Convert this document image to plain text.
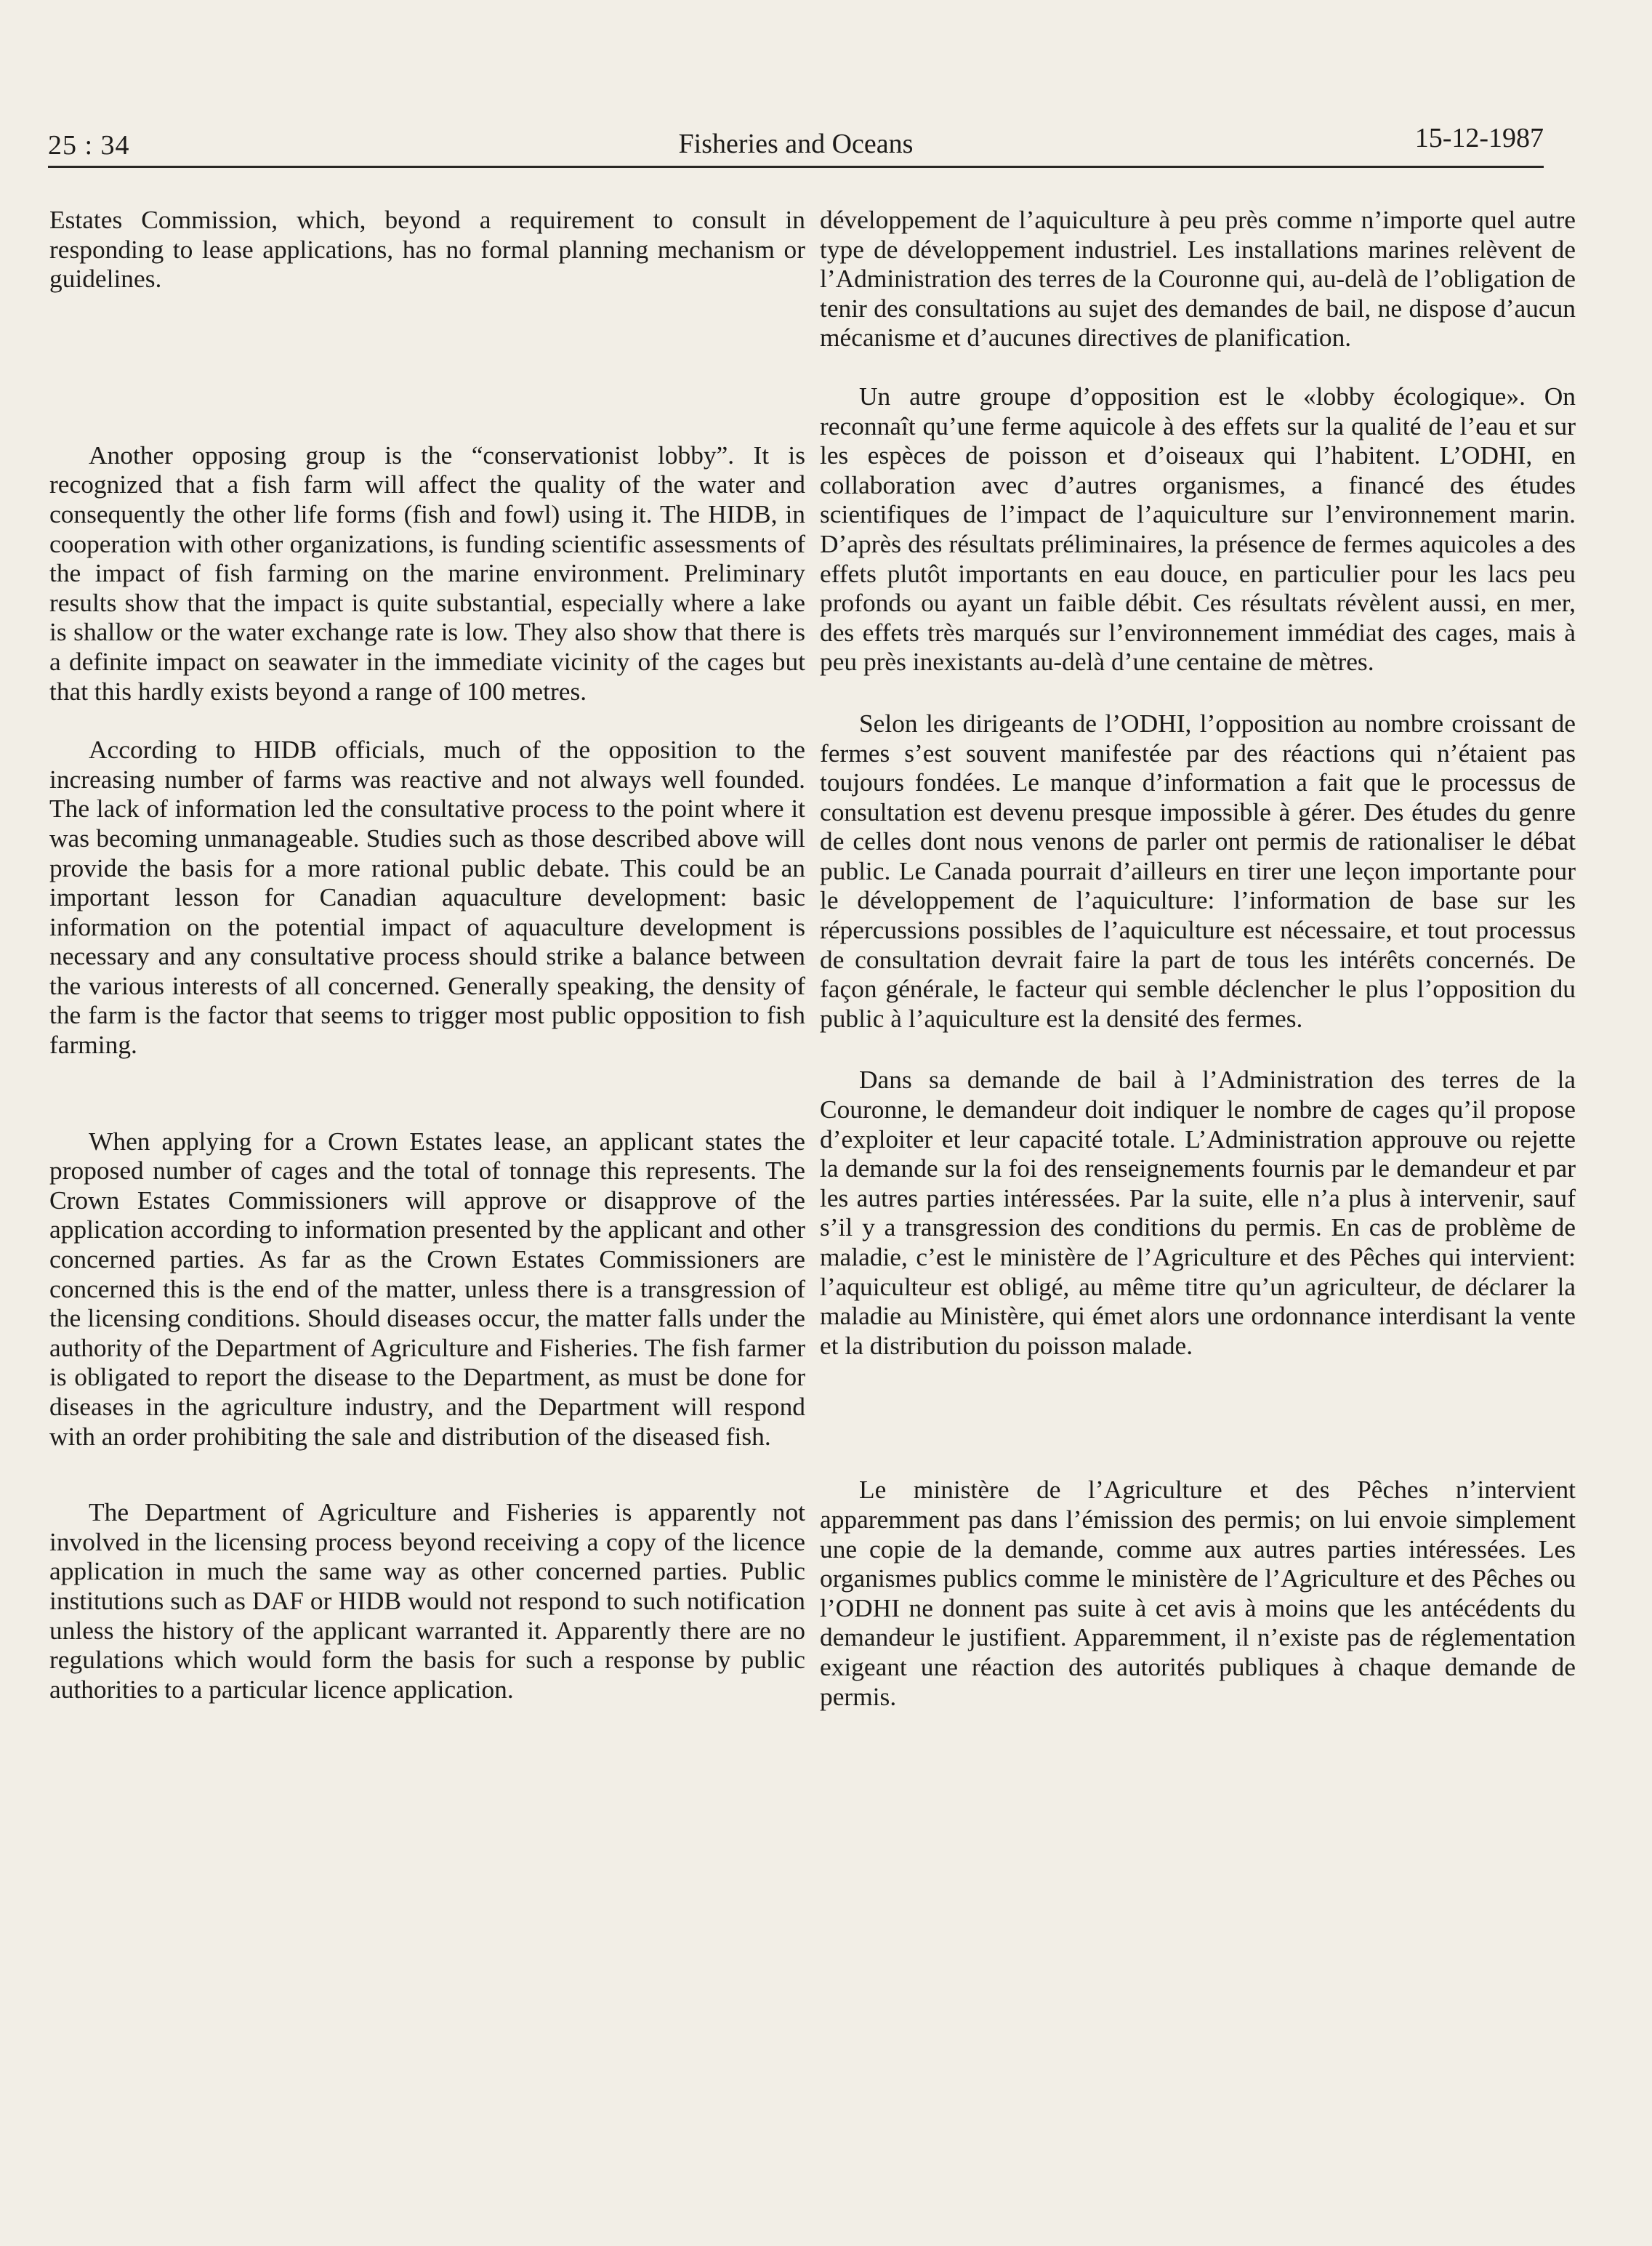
25 : 34	Fisheries and Oceans	15-12-1987

Estates Commission, which, beyond a requirement to consult in responding to lease applications, has no formal planning mechanism or guidelines.

Another opposing group is the “conservationist lobby”. It is recognized that a fish farm will affect the quality of the water and consequently the other life forms (fish and fowl) using it. The HIDB, in cooperation with other organizations, is funding scientific assessments of the impact of fish farming on the marine environment. Preliminary results show that the impact is quite substantial, especially where a lake is shallow or the water exchange rate is low. They also show that there is a definite impact on seawater in the immediate vicinity of the cages but that this hardly exists beyond a range of 100 metres.

According to HIDB officials, much of the opposition to the increasing number of farms was reactive and not always well founded. The lack of information led the consultative process to the point where it was becoming unmanageable. Studies such as those described above will provide the basis for a more rational public debate. This could be an important lesson for Canadian aquaculture development: basic information on the potential impact of aquaculture development is necessary and any consultative process should strike a balance between the various interests of all concerned. Generally speaking, the density of the farm is the factor that seems to trigger most public opposition to fish farming.

When applying for a Crown Estates lease, an applicant states the proposed number of cages and the total of tonnage this represents. The Crown Estates Commissioners will approve or disapprove of the application according to information presented by the applicant and other concerned parties. As far as the Crown Estates Commissioners are concerned this is the end of the matter, unless there is a transgression of the licensing conditions. Should diseases occur, the matter falls under the authority of the Department of Agriculture and Fisheries. The fish farmer is obligated to report the disease to the Department, as must be done for diseases in the agriculture industry, and the Department will respond with an order prohibiting the sale and distribution of the diseased fish.

The Department of Agriculture and Fisheries is apparently not involved in the licensing process beyond receiving a copy of the licence application in much the same way as other concerned parties. Public institutions such as DAF or HIDB would not respond to such notification unless the history of the applicant warranted it. Apparently there are no regulations which would form the basis for such a response by public authorities to a particular licence application.

développement de l’aquiculture à peu près comme n’importe quel autre type de développement industriel. Les installations marines relèvent de l’Administration des terres de la Couronne qui, au-delà de l’obligation de tenir des consultations au sujet des demandes de bail, ne dispose d’aucun mécanisme et d’aucunes directives de planification.

Un autre groupe d’opposition est le «lobby écologique». On reconnaît qu’une ferme aquicole à des effets sur la qualité de l’eau et sur les espèces de poisson et d’oiseaux qui l’habitent. L’ODHI, en collaboration avec d’autres organismes, a financé des études scientifiques de l’impact de l’aquiculture sur l’environnement marin. D’après des résultats préliminaires, la présence de fermes aquicoles a des effets plutôt importants en eau douce, en particulier pour les lacs peu profonds ou ayant un faible débit. Ces résultats révèlent aussi, en mer, des effets très marqués sur l’environnement immédiat des cages, mais à peu près inexistants au-delà d’une centaine de mètres.

Selon les dirigeants de l’ODHI, l’opposition au nombre croissant de fermes s’est souvent manifestée par des réactions qui n’étaient pas toujours fondées. Le manque d’information a fait que le processus de consultation est devenu presque impossible à gérer. Des études du genre de celles dont nous venons de parler ont permis de rationaliser le débat public. Le Canada pourrait d’ailleurs en tirer une leçon importante pour le développement de l’aquiculture: l’information de base sur les répercussions possibles de l’aquiculture est nécessaire, et tout processus de consultation devrait faire la part de tous les intérêts concernés. De façon générale, le facteur qui semble déclencher le plus l’opposition du public à l’aquiculture est la densité des fermes.

Dans sa demande de bail à l’Administration des terres de la Couronne, le demandeur doit indiquer le nombre de cages qu’il propose d’exploiter et leur capacité totale. L’Administration approuve ou rejette la demande sur la foi des renseignements fournis par le demandeur et par les autres parties intéressées. Par la suite, elle n’a plus à intervenir, sauf s’il y a transgression des conditions du permis. En cas de problème de maladie, c’est le ministère de l’Agriculture et des Pêches qui intervient: l’aquiculteur est obligé, au même titre qu’un agriculteur, de déclarer la maladie au Ministère, qui émet alors une ordonnance interdisant la vente et la distribution du poisson malade.

Le ministère de l’Agriculture et des Pêches n’intervient apparemment pas dans l’émission des permis; on lui envoie simplement une copie de la demande, comme aux autres parties intéressées. Les organismes publics comme le ministère de l’Agriculture et des Pêches ou l’ODHI ne donnent pas suite à cet avis à moins que les antécédents du demandeur le justifient. Apparemment, il n’existe pas de réglementation exigeant une réaction des autorités publiques à chaque demande de permis.
